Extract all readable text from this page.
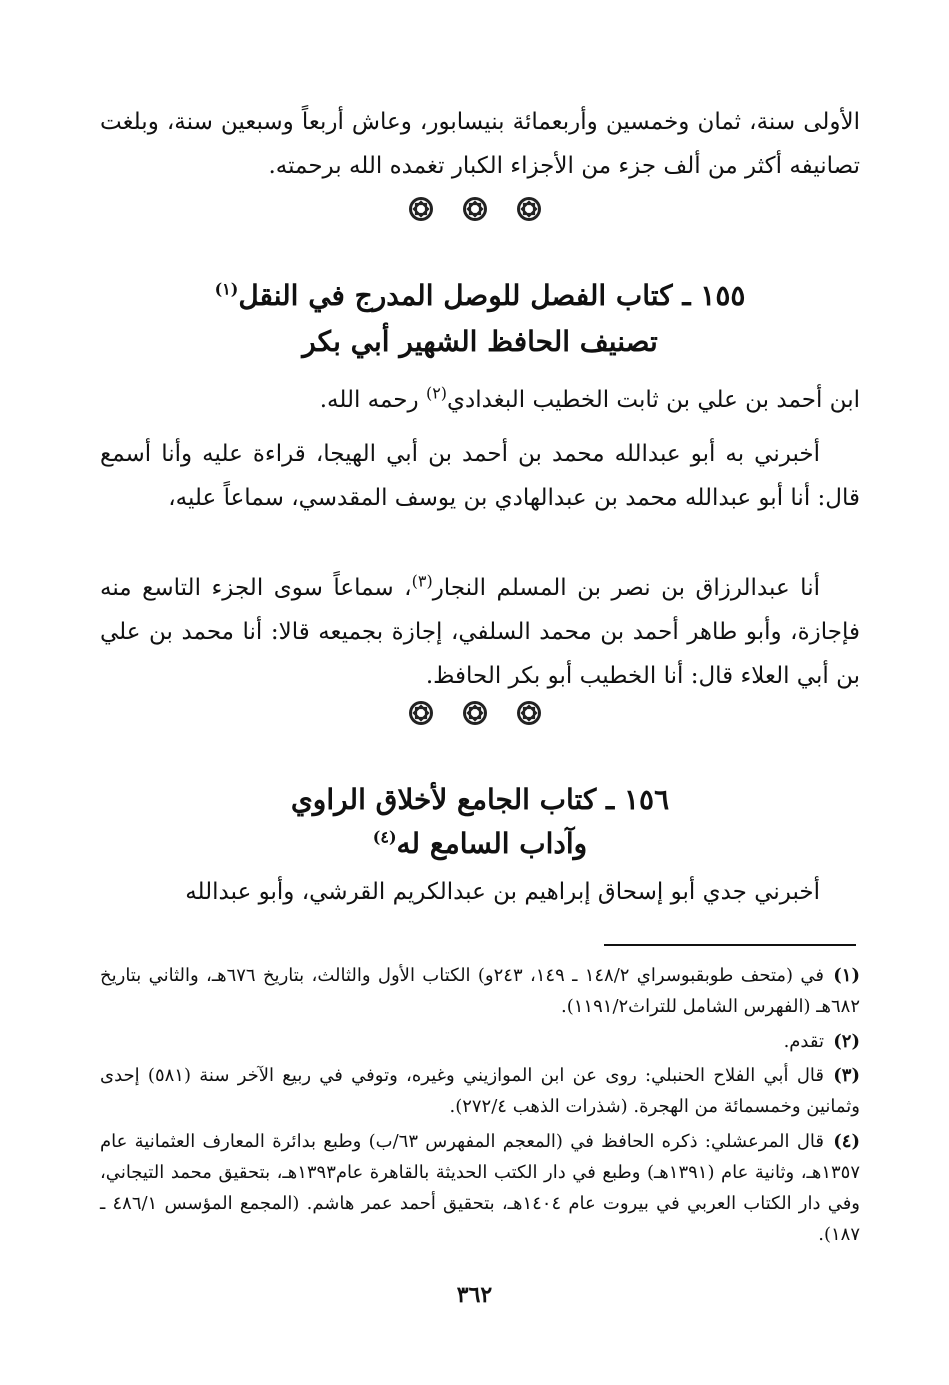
الأولى سنة، ثمان وخمسين وأربعمائة بنيسابور، وعاش أربعاً وسبعين سنة، وبلغت تصانيفه أكثر من ألف جزء من الأجزاء الكبار تغمده الله برحمته.
١٥٥ ـ كتاب الفصل للوصل المدرج في النقل$^{(١)}$
تصنيف الحافظ الشهير أبي بكر
ابن أحمد بن علي بن ثابت الخطيب البغدادي$^{(٢)}$ رحمه الله.
أخبرني به أبو عبدالله محمد بن أحمد بن أبي الهيجا، قراءة عليه وأنا أسمع قال: أنا أبو عبدالله محمد بن عبدالهادي بن يوسف المقدسي، سماعاً عليه،
أنا عبدالرزاق بن نصر بن المسلم النجار$^{(٣)}$، سماعاً سوى الجزء التاسع منه فإجازة، وأبو طاهر أحمد بن محمد السلفي، إجازة بجميعه قالا: أنا محمد بن علي بن أبي العلاء قال: أنا الخطيب أبو بكر الحافظ.
١٥٦ ـ كتاب الجامع لأخلاق الراوي
وآداب السامع له$^{(٤)}$
أخبرني جدي أبو إسحاق إبراهيم بن عبدالكريم القرشي، وأبو عبدالله
(١)في (متحف طوبقبوسراي ١٤٨/٢ ـ ١٤٩، ٢٤٣و) الكتاب الأول والثالث، بتاريخ ٦٧٦هـ، والثاني بتاريخ ٦٨٢هـ (الفهرس الشامل للتراث١١٩١/٢).
(٢)تقدم.
(٣)قال أبي الفلاح الحنبلي: روى عن ابن الموازيني وغيره، وتوفي في ربيع الآخر سنة (٥٨١) إحدى وثمانين وخمسمائة من الهجرة. (شذرات الذهب ٢٧٢/٤).
(٤)قال المرعشلي: ذكره الحافظ في (المعجم المفهرس ٦٣/ب) وطبع بدائرة المعارف العثمانية عام ١٣٥٧هـ، وثانية عام (١٣٩١هـ) وطبع في دار الكتب الحديثة بالقاهرة عام١٣٩٣هـ، بتحقيق محمد التيجاني، وفي دار الكتاب العربي في بيروت عام ١٤٠٤هـ، بتحقيق أحمد عمر هاشم. (المجمع المؤسس ٤٨٦/١ ـ ١٨٧).
٣٦٢
